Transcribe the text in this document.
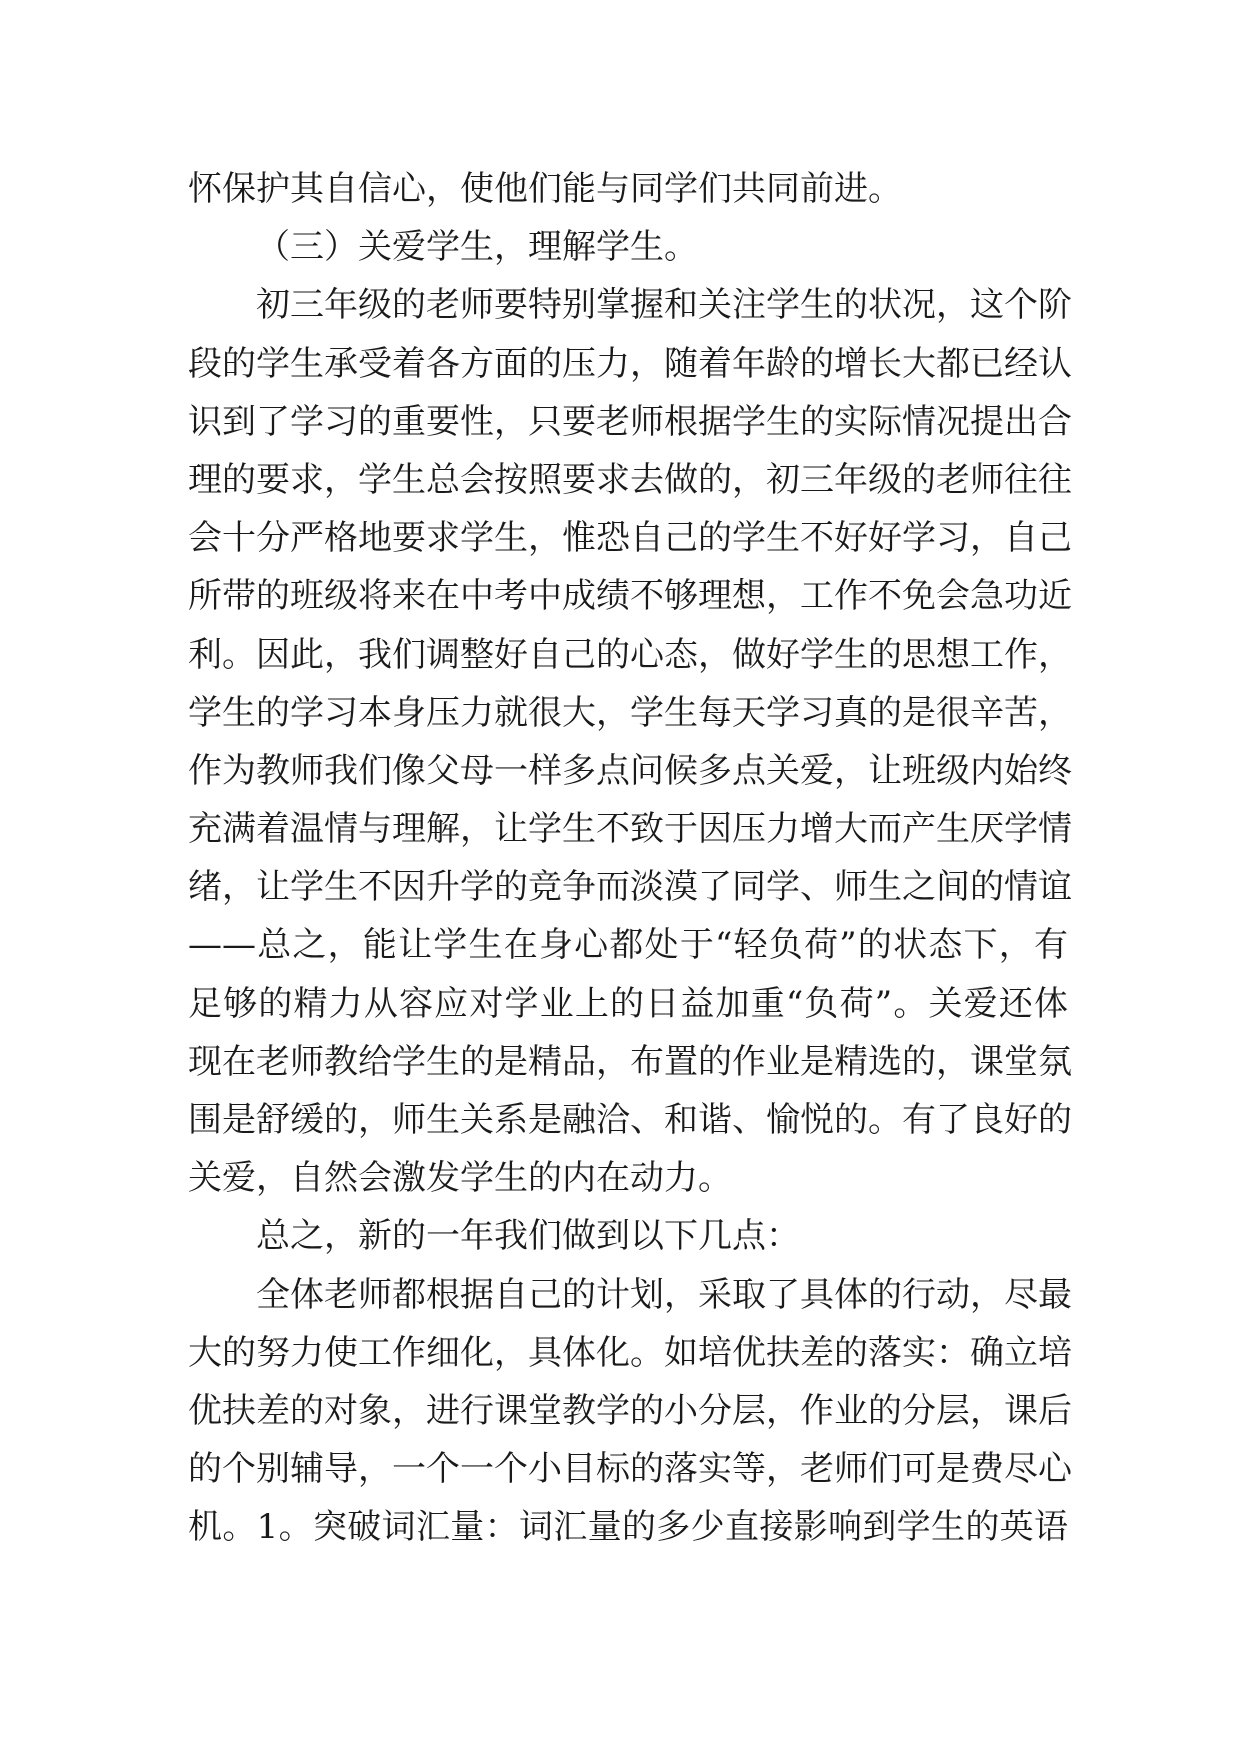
怀保护其自信心，使他们能与同学们共同前进。
（三）关爱学生，理解学生。
初三年级的老师要特别掌握和关注学生的状况，这个阶
段的学生承受着各方面的压力，随着年龄的增长大都已经认
识到了学习的重要性，只要老师根据学生的实际情况提出合
理的要求，学生总会按照要求去做的，初三年级的老师往往
会十分严格地要求学生，惟恐自己的学生不好好学习，自己
所带的班级将来在中考中成绩不够理想，工作不免会急功近
利。因此，我们调整好自己的心态，做好学生的思想工作，
学生的学习本身压力就很大，学生每天学习真的是很辛苦，
作为教师我们像父母一样多点问候多点关爱，让班级内始终
充满着温情与理解，让学生不致于因压力增大而产生厌学情
绪，让学生不因升学的竞争而淡漠了同学、师生之间的情谊
——总之，能让学生在身心都处于“轻负荷”的状态下，有
足够的精力从容应对学业上的日益加重“负荷”。关爱还体
现在老师教给学生的是精品，布置的作业是精选的，课堂氛
围是舒缓的，师生关系是融洽、和谐、愉悦的。有了良好的
关爱，自然会激发学生的内在动力。
总之，新的一年我们做到以下几点：
全体老师都根据自己的计划，采取了具体的行动，尽最
大的努力使工作细化，具体化。如培优扶差的落实：确立培
优扶差的对象，进行课堂教学的小分层，作业的分层，课后
的个别辅导，一个一个小目标的落实等，老师们可是费尽心
机。1。突破词汇量：词汇量的多少直接影响到学生的英语
